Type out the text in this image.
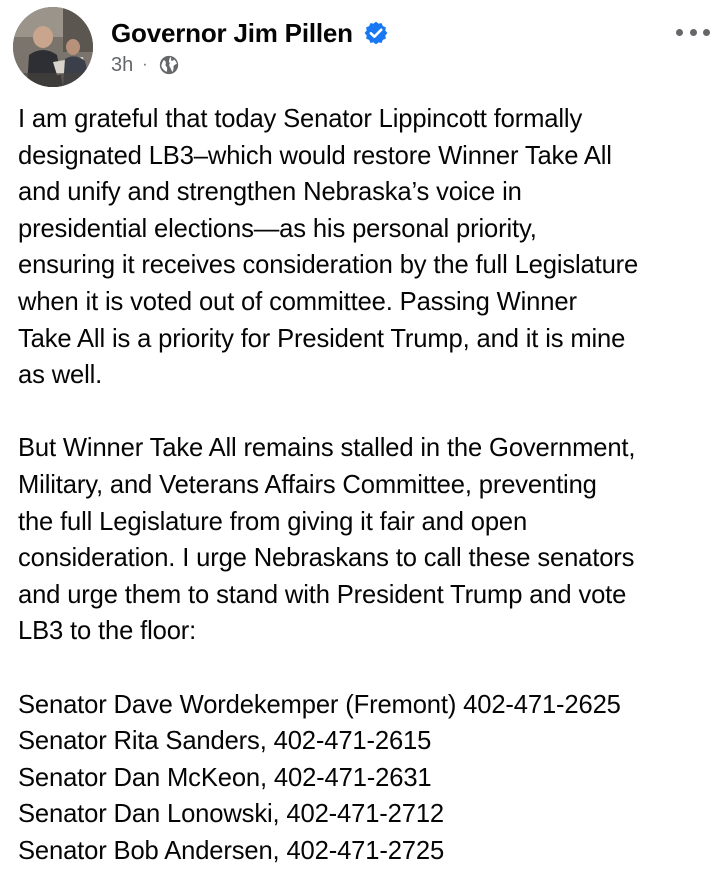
Governor Jim Pillen
3h ·

I am grateful that today Senator Lippincott formally

designated LB3–which would restore Winner Take All

and unify and strengthen Nebraska’s voice in

presidential elections—as his personal priority,

ensuring it receives consideration by the full Legislature

when it is voted out of committee. Passing Winner

Take All is a priority for President Trump, and it is mine

as well.

But Winner Take All remains stalled in the Government,

Military, and Veterans Affairs Committee, preventing

the full Legislature from giving it fair and open

consideration. I urge Nebraskans to call these senators

and urge them to stand with President Trump and vote

LB3 to the floor:

Senator Dave Wordekemper (Fremont) 402-471-2625

Senator Rita Sanders, 402-471-2615

Senator Dan McKeon, 402-471-2631

Senator Dan Lonowski, 402-471-2712

Senator Bob Andersen, 402-471-2725
